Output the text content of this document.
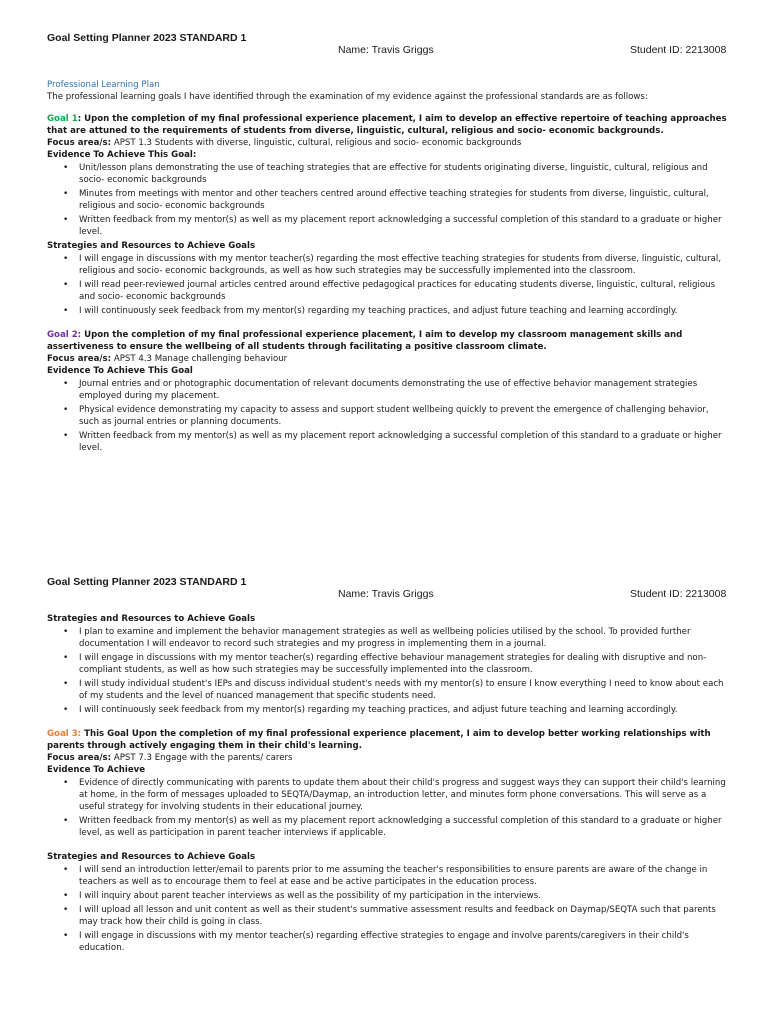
Goal Setting Planner 2023 STANDARD 1
Name: Travis Griggs	Student ID: 2213008
Professional Learning Plan
The professional learning goals I have identified through the examination of my evidence against the professional standards are as follows:
Goal 1: Upon the completion of my final professional experience placement, I aim to develop an effective repertoire of teaching approaches that are attuned to the requirements of students from diverse, linguistic, cultural, religious and socio- economic backgrounds.
Focus area/s: APST 1.3 Students with diverse, linguistic, cultural, religious and socio- economic backgrounds
Evidence To Achieve This Goal:
• Unit/lesson plans demonstrating the use of teaching strategies that are effective for students originating diverse, linguistic, cultural, religious and socio- economic backgrounds
• Minutes from meetings with mentor and other teachers centred around effective teaching strategies for students from diverse, linguistic, cultural, religious and socio- economic backgrounds
• Written feedback from my mentor(s) as well as my placement report acknowledging a successful completion of this standard to a graduate or higher level.
Strategies and Resources to Achieve Goals
• I will engage in discussions with my mentor teacher(s) regarding the most effective teaching strategies for students from diverse, linguistic, cultural, religious and socio- economic backgrounds, as well as how such strategies may be successfully implemented into the classroom.
• I will read peer-reviewed journal articles centred around effective pedagogical practices for educating students diverse, linguistic, cultural, religious and socio- economic backgrounds
• I will continuously seek feedback from my mentor(s) regarding my teaching practices, and adjust future teaching and learning accordingly.
Goal 2: Upon the completion of my final professional experience placement, I aim to develop my classroom management skills and assertiveness to ensure the wellbeing of all students through facilitating a positive classroom climate.
Focus area/s: APST 4.3 Manage challenging behaviour
Evidence To Achieve This Goal
• Journal entries and or photographic documentation of relevant documents demonstrating the use of effective behavior management strategies employed during my placement.
• Physical evidence demonstrating my capacity to assess and support student wellbeing quickly to prevent the emergence of challenging behavior, such as journal entries or planning documents.
• Written feedback from my mentor(s) as well as my placement report acknowledging a successful completion of this standard to a graduate or higher level.
Goal Setting Planner 2023 STANDARD 1
Name: Travis Griggs	Student ID: 2213008
Strategies and Resources to Achieve Goals
• I plan to examine and implement the behavior management strategies as well as wellbeing policies utilised by the school. To provided further documentation I will endeavor to record such strategies and my progress in implementing them in a journal.
• I will engage in discussions with my mentor teacher(s) regarding effective behaviour management strategies for dealing with disruptive and non-compliant students, as well as how such strategies may be successfully implemented into the classroom.
• I will study individual student's IEPs and discuss individual student's needs with my mentor(s) to ensure I know everything I need to know about each of my students and the level of nuanced management that specific students need.
• I will continuously seek feedback from my mentor(s) regarding my teaching practices, and adjust future teaching and learning accordingly.
Goal 3: This Goal Upon the completion of my final professional experience placement, I aim to develop better working relationships with parents through actively engaging them in their child's learning.
Focus area/s: APST 7.3 Engage with the parents/ carers
Evidence To Achieve
• Evidence of directly communicating with parents to update them about their child's progress and suggest ways they can support their child's learning at home, in the form of messages uploaded to SEQTA/Daymap, an introduction letter, and minutes form phone conversations. This will serve as a useful strategy for involving students in their educational journey.
• Written feedback from my mentor(s) as well as my placement report acknowledging a successful completion of this standard to a graduate or higher level, as well as participation in parent teacher interviews if applicable.
Strategies and Resources to Achieve Goals
• I will send an introduction letter/email to parents prior to me assuming the teacher's responsibilities to ensure parents are aware of the change in teachers as well as to encourage them to feel at ease and be active participates in the education process.
• I will inquiry about parent teacher interviews as well as the possibility of my participation in the interviews.
• I will upload all lesson and unit content as well as their student's summative assessment results and feedback on Daymap/SEQTA such that parents may track how their child is going in class.
• I will engage in discussions with my mentor teacher(s) regarding effective strategies to engage and involve parents/caregivers in their child's education.
